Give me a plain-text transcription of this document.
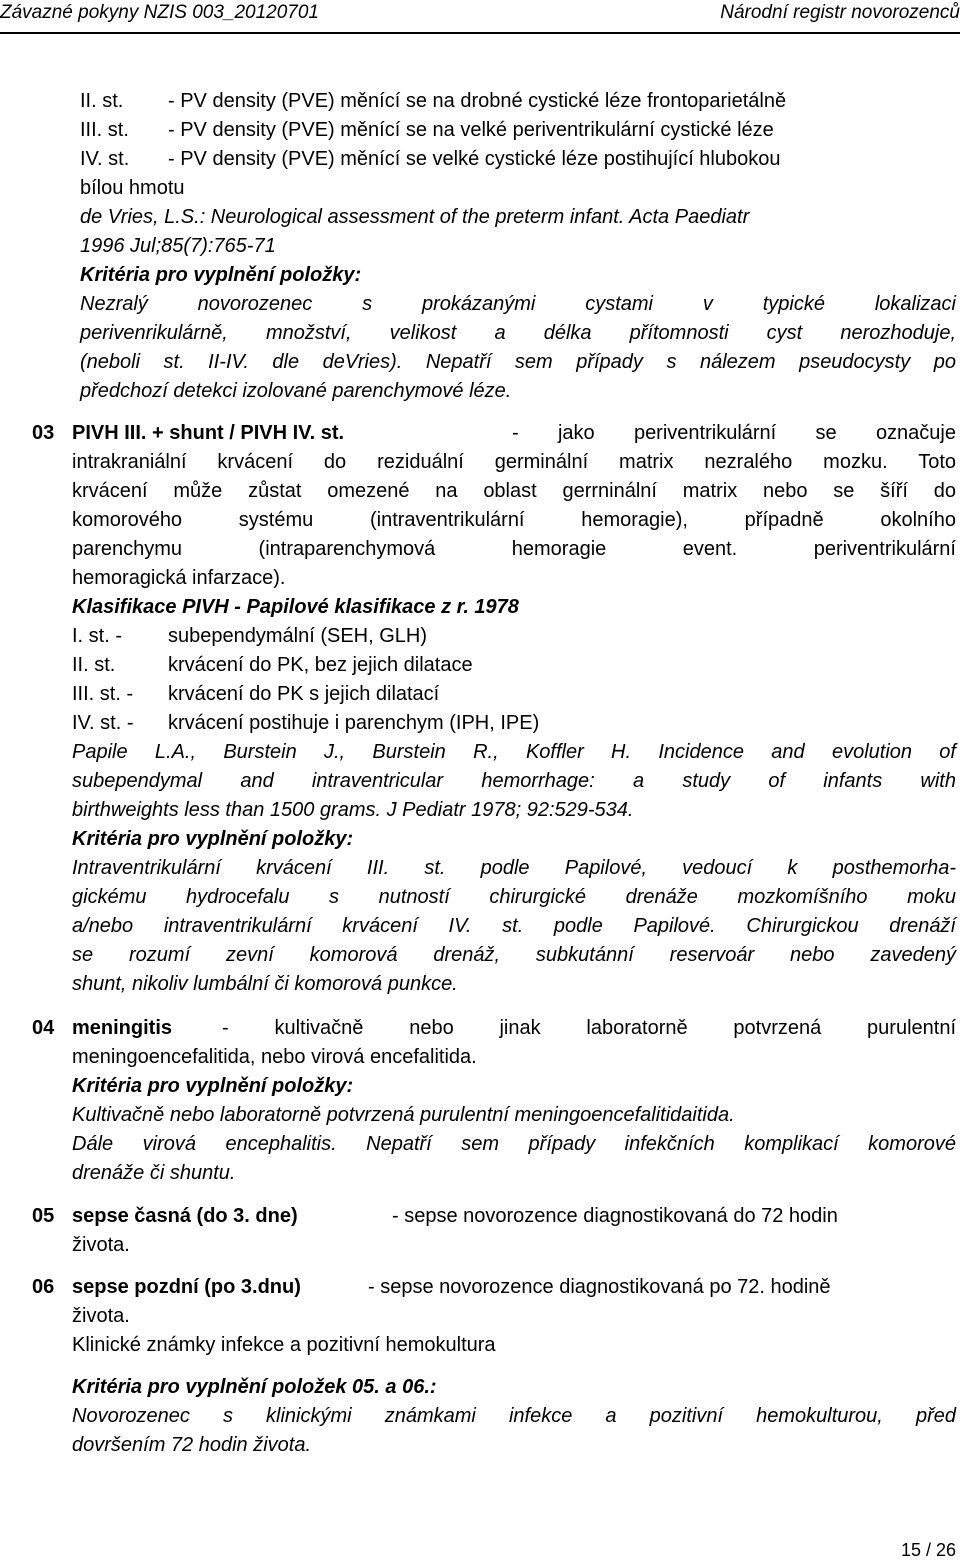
Závazné pokyny NZIS 003_20120701	Národní registr novorozenců
II. st. - PV density (PVE) měnící se na drobné cystické léze frontoparietálně
III. st. - PV density (PVE) měnící se na velké periventrikulární cystické léze
IV. st. - PV density (PVE) měnící se velké cystické léze postihující hlubokou
bílou hmotu
de Vries, L.S.: Neurological assessment of the preterm infant. Acta Paediatr
1996 Jul;85(7):765-71
Kritéria pro vyplnění položky:
Nezralý novorozenec s prokázanými cystami v typické lokalizaci
perivenrikulárně, množství, velikost a délka přítomnosti cyst nerozhoduje,
(neboli st. II-IV. dle deVries). Nepatří sem případy s nálezem pseudocysty po
předchozí detekci izolované parenchymové léze.
03 PIVH III. + shunt / PIVH IV. st.	- jako periventrikulární se označuje
intrakraniální krvácení do reziduální germinální matrix nezralého mozku. Toto
krvácení může zůstat omezené na oblast gerrninální matrix nebo se šíří do
komorového systému (intraventrikulární hemoragie), případně okolního
parenchymu (intraparenchymová hemoragie event. periventrikulární
hemoragická infarzace).
Klasifikace PIVH - Papilové klasifikace z r. 1978
I. st. - subependymální (SEH, GLH)
II. st.	krvácení do PK, bez jejich dilatace
III. st. - krvácení do PK s jejich dilatací
IV. st. - krvácení postihuje i parenchym (IPH, IPE)
Papile L.A., Burstein J., Burstein R., Koffler H. Incidence and evolution of
subependymal and intraventricular hemorrhage: a study of infants with
birthweights less than 1500 grams. J Pediatr 1978; 92:529-534.
Kritéria pro vyplnění položky:
Intraventrikulární krvácení III. st. podle Papilové, vedoucí k posthemorha-
gickému hydrocefalu s nutností chirurgické drenáže mozkomíšního moku
a/nebo intraventrikulární krvácení IV. st. podle Papilové. Chirurgickou drenáží
se rozumí zevní komorová drenáž, subkutánní reservoár nebo zavedený
shunt, nikoliv lumbální či komorová punkce.
04 meningitis - kultivačně nebo jinak laboratorně potvrzená purulentní
meningoencefalitida, nebo virová encefalitida.
Kritéria pro vyplnění položky:
Kultivačně nebo laboratorně potvrzená purulentní meningoencefalitidaitida.
Dále virová encephalitis. Nepatří sem případy infekčních komplikací komorové
drenáže či shuntu.
05 sepse časná (do 3. dne)	- sepse novorozence diagnostikovaná do 72 hodin
života.
06 sepse pozdní (po 3.dnu)	- sepse novorozence diagnostikovaná po 72. hodině
života.
Klinické známky infekce a pozitivní hemokultura
Kritéria pro vyplnění položek 05. a 06.:
Novorozenec s klinickými známkami infekce a pozitivní hemokulturou, před
dovršením 72 hodin života.
15 / 26
